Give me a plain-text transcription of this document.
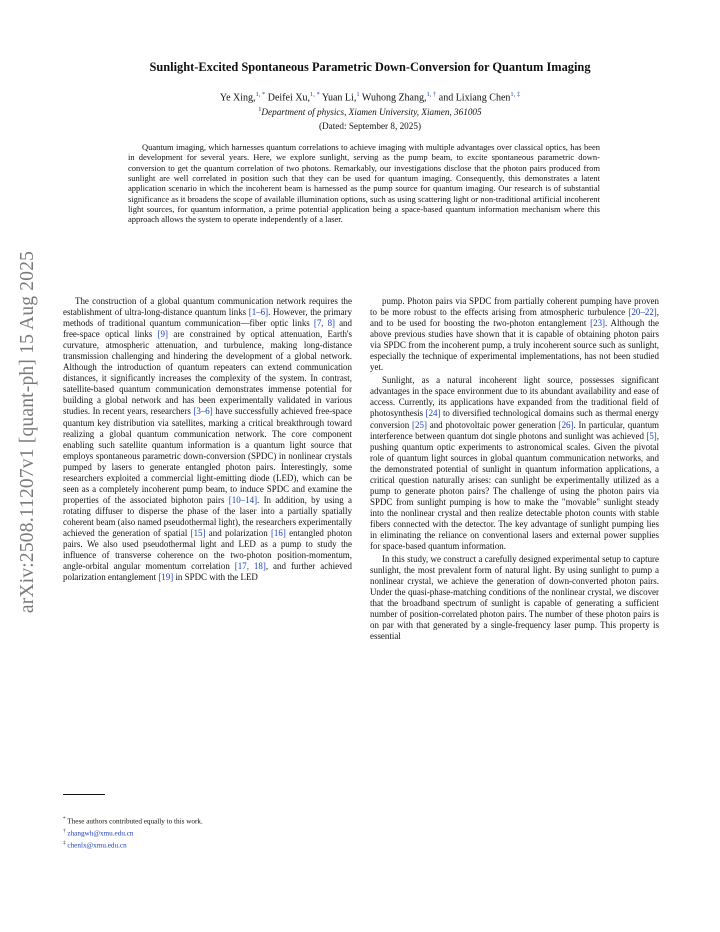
arXiv:2508.11207v1 [quant-ph] 15 Aug 2025
Sunlight-Excited Spontaneous Parametric Down-Conversion for Quantum Imaging
Ye Xing,$^{1, *}$ Deifei Xu,$^{1, *}$ Yuan Li,$^1$ Wuhong Zhang,$^{1, \dagger}$ and Lixiang Chen$^{1, \ddagger}$
$^1$Department of physics, Xiamen University, Xiamen, 361005
(Dated: September 8, 2025)
Quantum imaging, which harnesses quantum correlations to achieve imaging with multiple advantages over classical optics, has been in development for several years. Here, we explore sunlight, serving as the pump beam, to excite spontaneous parametric down-conversion to get the quantum correlation of two photons. Remarkably, our investigations disclose that the photon pairs produced from sunlight are well correlated in position such that they can be used for quantum imaging. Consequently, this demonstrates a latent application scenario in which the incoherent beam is harnessed as the pump source for quantum imaging. Our research is of substantial significance as it broadens the scope of available illumination options, such as using scattering light or non-traditional artificial incoherent light sources, for quantum information, a prime potential application being a space-based quantum information mechanism where this approach allows the system to operate independently of a laser.

The construction of a global quantum communication network requires the establishment of ultra-long-distance quantum links [1–6]. However, the primary methods of traditional quantum communication—fiber optic links [7, 8] and free-space optical links [9] are constrained by optical attenuation, Earth's curvature, atmospheric attenuation, and turbulence, making long-distance transmission challenging and hindering the development of a global network. Although the introduction of quantum repeaters can extend communication distances, it significantly increases the complexity of the system. In contrast, satellite-based quantum communication demonstrates immense potential for building a global network and has been experimentally validated in various studies. In recent years, researchers [3–6] have successfully achieved free-space quantum key distribution via satellites, marking a critical breakthrough toward realizing a global quantum communication network. The core component enabling such satellite quantum information is a quantum light source that employs spontaneous parametric down-conversion (SPDC) in nonlinear crystals pumped by lasers to generate entangled photon pairs. Interestingly, some researchers exploited a commercial light-emitting diode (LED), which can be seen as a completely incoherent pump beam, to induce SPDC and examine the properties of the associated biphoton pairs [10–14]. In addition, by using a rotating diffuser to disperse the phase of the laser into a partially spatially coherent beam (also named pseudothermal light), the researchers experimentally achieved the generation of spatial [15] and polarization [16] entangled photon pairs. We also used pseudothermal light and LED as a pump to study the influence of transverse coherence on the two-photon position-momentum, angle-orbital angular momentum correlation [17, 18], and further achieved polarization entanglement [19] in SPDC with the LED

pump. Photon pairs via SPDC from partially coherent pumping have proven to be more robust to the effects arising from atmospheric turbulence [20–22], and to be used for boosting the two-photon entanglement [23]. Although the above previous studies have shown that it is capable of obtaining photon pairs via SPDC from the incoherent pump, a truly incoherent source such as sunlight, especially the technique of experimental implementations, has not been studied yet.

Sunlight, as a natural incoherent light source, possesses significant advantages in the space environment due to its abundant availability and ease of access. Currently, its applications have expanded from the traditional field of photosynthesis [24] to diversified technological domains such as thermal energy conversion [25] and photovoltaic power generation [26]. In particular, quantum interference between quantum dot single photons and sunlight was achieved [5], pushing quantum optic experiments to astronomical scales. Given the pivotal role of quantum light sources in global quantum communication networks, and the demonstrated potential of sunlight in quantum information applications, a critical question naturally arises: can sunlight be experimentally utilized as a pump to generate photon pairs? The challenge of using the photon pairs via SPDC from sunlight pumping is how to make the "movable" sunlight steady into the nonlinear crystal and then realize detectable photon counts with stable fibers connected with the detector. The key advantage of sunlight pumping lies in eliminating the reliance on conventional lasers and external power supplies for space-based quantum information.

In this study, we construct a carefully designed experimental setup to capture sunlight, the most prevalent form of natural light. By using sunlight to pump a nonlinear crystal, we achieve the generation of down-converted photon pairs. Under the quasi-phase-matching conditions of the nonlinear crystal, we discover that the broadband spectrum of sunlight is capable of generating a sufficient number of position-correlated photon pairs. The number of these photon pairs is on par with that generated by a single-frequency laser pump. This property is essential

* These authors contributed equally to this work.
† zhangwh@xmu.edu.cn
‡ chenlx@xmu.edu.cn
